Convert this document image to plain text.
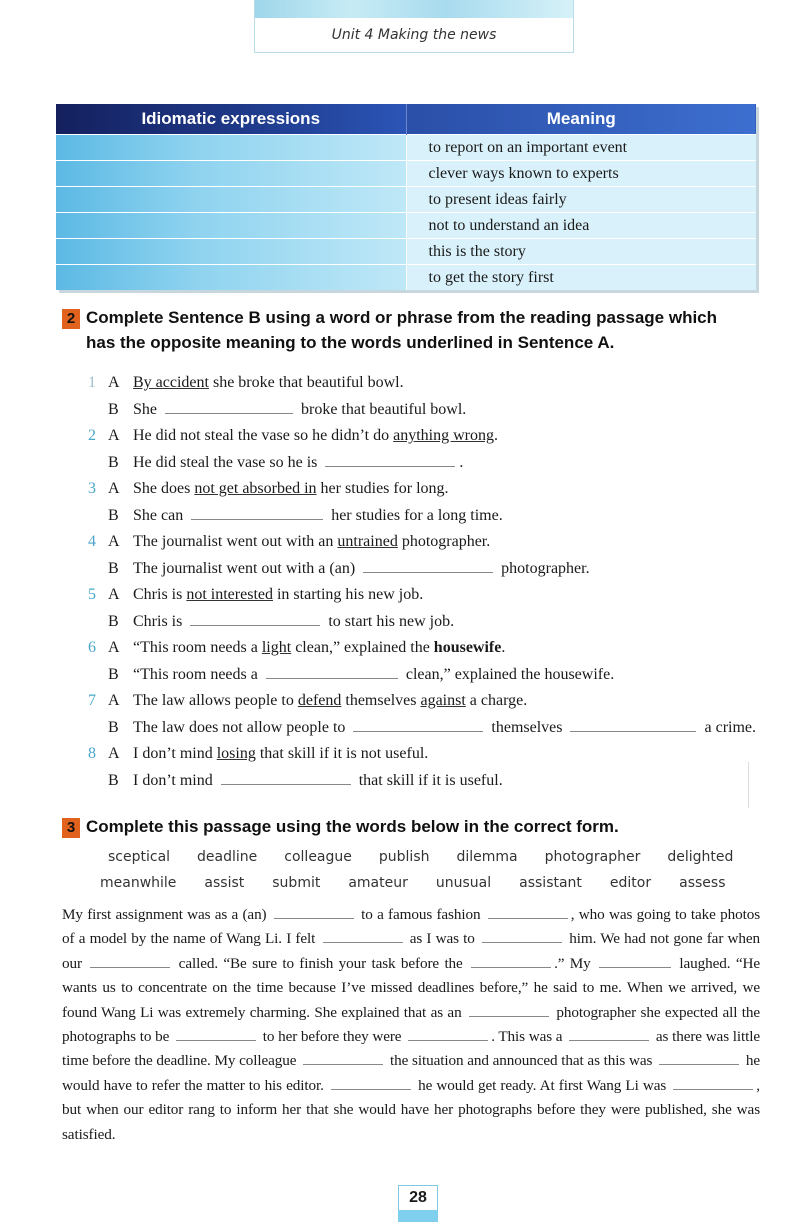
Unit 4 Making the news
Idiomatic expressions	Meaning
	to report on an important event
	clever ways known to experts
	to present ideas fairly
	not to understand an idea
	this is the story
	to get the story first
2 Complete Sentence B using a word or phrase from the reading passage which
has the opposite meaning to the words underlined in Sentence A.
1 A By accident she broke that beautiful bowl.
B She	broke that beautiful bowl.
2 A He did not steal the vase so he didn’t do anything wrong.
B He did steal the vase so he is	.
3 A She does not get absorbed in her studies for long.
B She can	her studies for a long time.
4 A The journalist went out with an untrained photographer.
B The journalist went out with a (an)	photographer.
5 A Chris is not interested in starting his new job.
B Chris is	to start his new job.
6 A “This room needs a light clean,” explained the housewife.
B “This room needs a	clean,” explained the housewife.
7 A The law allows people to defend themselves against a charge.
B The law does not allow people to	themselves	a crime.
8 A I don’t mind losing that skill if it is not useful.
B I don’t mind	that skill if it is useful.
3 Complete this passage using the words below in the correct form.
sceptical deadline colleague publish dilemma photographer delighted
meanwhile assist submit amateur unusual assistant editor assess
My first assignment was as a (an)	to a famous fashion	, who was going to take photos of a model by the name of Wang Li. I felt	as I was to	him. We had not gone far when our	called. “Be sure to finish your task before the	.” My	laughed. “He wants us to concentrate on the time because I’ve missed deadlines before,” he said to me. When we arrived, we found Wang Li was extremely charming. She explained that as an	photographer she expected all the photographs to be	to her before they were	. This was a	as there was little time before the deadline. My colleague	the situation and announced that as this was	he would have to refer the matter to his editor.	he would get ready. At first Wang Li was	, but when our editor rang to inform her that she would have her photographs before they were published, she was satisfied.
28
